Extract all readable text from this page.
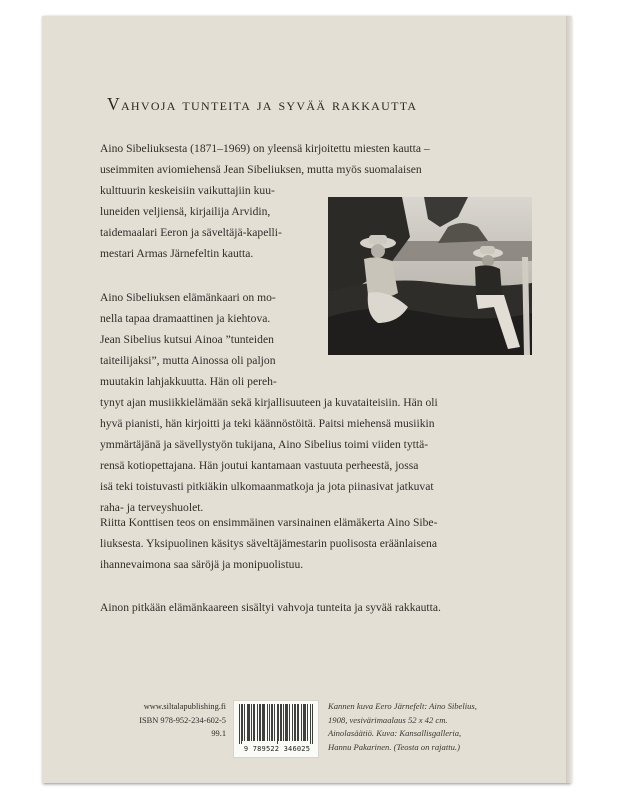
Vahvoja tunteita ja syvää rakkautta
Aino Sibeliuksesta (1871–1969) on yleensä kirjoitettu miesten kautta –
useimmiten aviomiehensä Jean Sibeliuksen, mutta myös suomalaisen
kulttuurin keskeisiin vaikuttajiin kuu-
luneiden veljiensä, kirjailija Arvidin,
taidemaalari Eeron ja säveltäjä-kapelli-
mestari Armas Järnefeltin kautta.
Aino Sibeliuksen elämänkaari on mo-
nella tapaa dramaattinen ja kiehtova.
Jean Sibelius kutsui Ainoa ”tunteiden
taiteilijaksi”, mutta Ainossa oli paljon
muutakin lahjakkuutta. Hän oli pereh-
tynyt ajan musiikkielämään sekä kirjallisuuteen ja kuvataiteisiin. Hän oli
hyvä pianisti, hän kirjoitti ja teki käännöstöitä. Paitsi miehensä musiikin
ymmärtäjänä ja sävellystyön tukijana, Aino Sibelius toimi viiden tyttä-
rensä kotiopettajana. Hän joutui kantamaan vastuuta perheestä, jossa
isä teki toistuvasti pitkiäkin ulkomaanmatkoja ja jota piinasivat jatkuvat
raha- ja terveyshuolet.
Riitta Konttisen teos on ensimmäinen varsinainen elämäkerta Aino Sibe-
liuksesta. Yksipuolinen käsitys säveltäjämestarin puolisosta eräänlaisena
ihannevaimona saa säröjä ja monipuolistuu.
Ainon pitkään elämänkaareen sisältyi vahvoja tunteita ja syvää rakkautta.
www.siltalapublishing.fi
ISBN 978-952-234-602-5
99.1
9 789522 346025
Kannen kuva Eero Järnefelt: Aino Sibelius,
1908, vesivärimaalaus 52 x 42 cm.
Ainolasäätiö. Kuva: Kansallisgalleria,
Hannu Pakarinen. (Teosta on rajattu.)
